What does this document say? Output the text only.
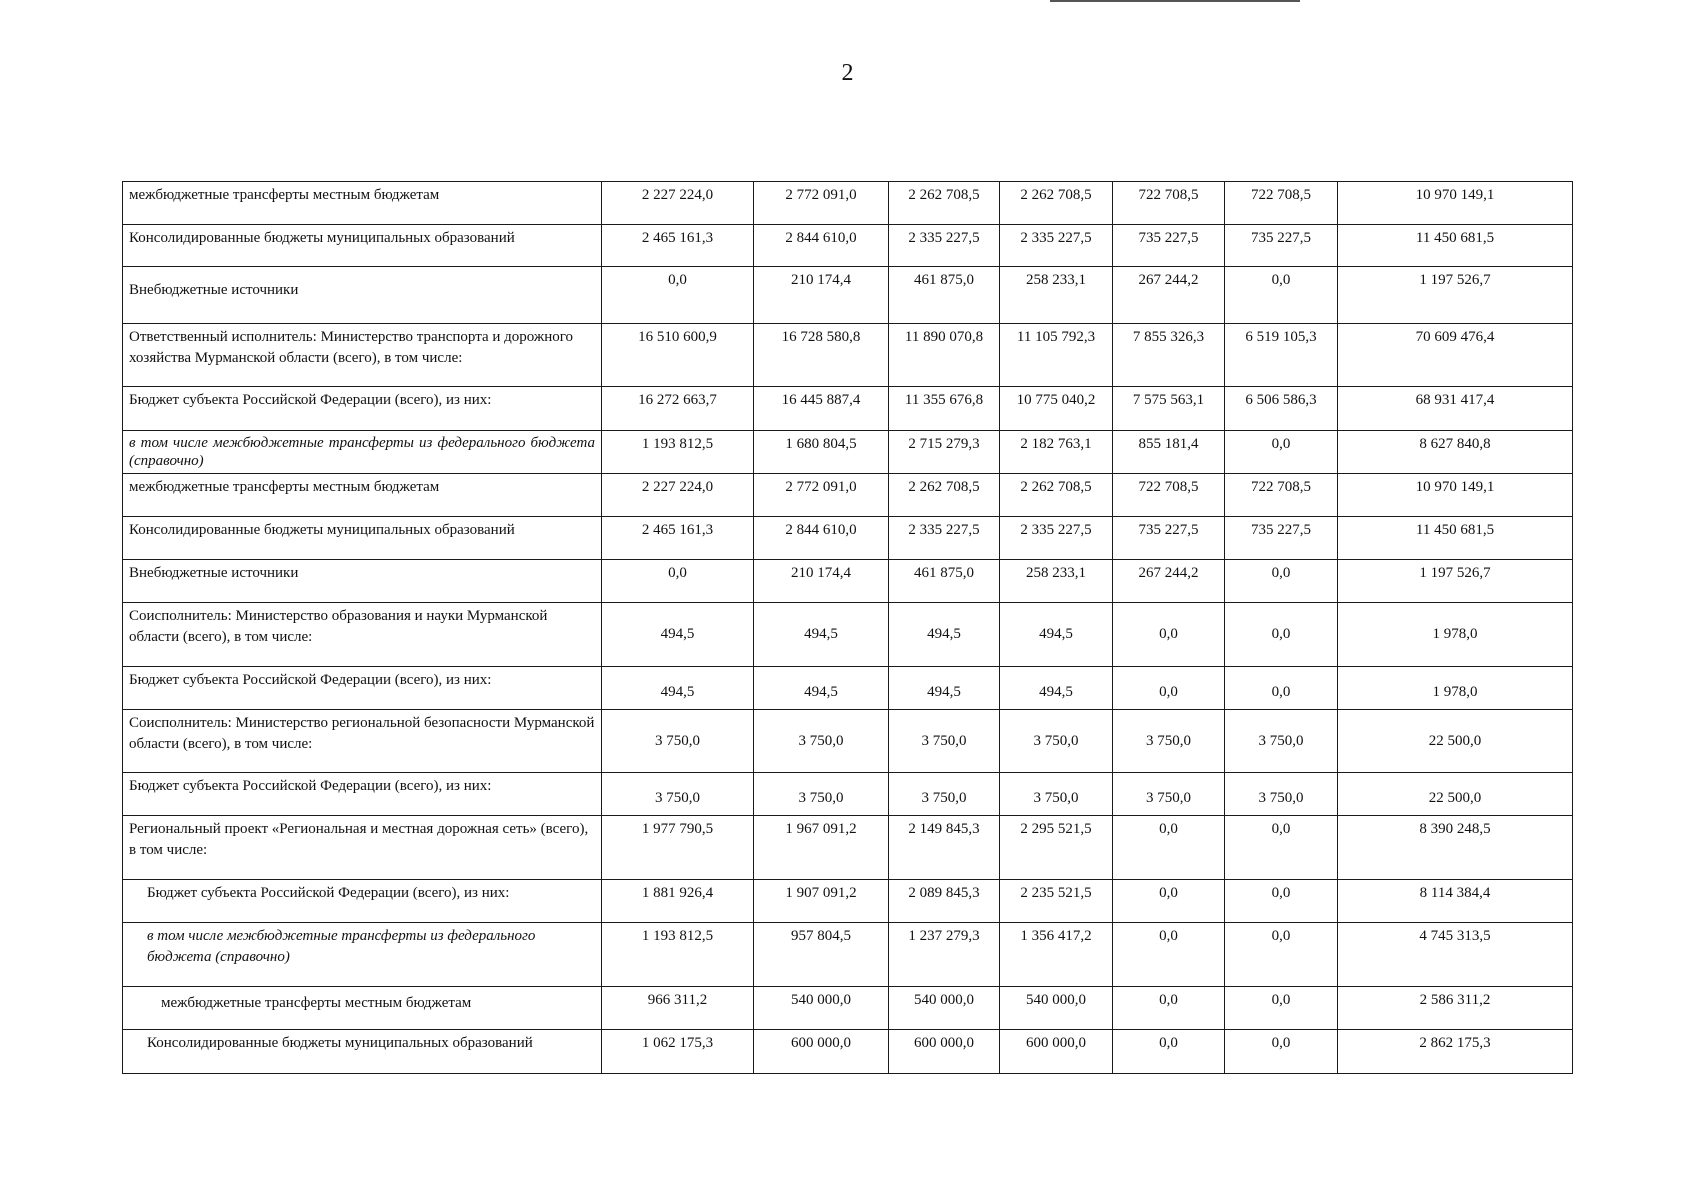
2
межбюджетные трансферты местным бюджетам	2 227 224,0	2 772 091,0	2 262 708,5	2 262 708,5	722 708,5	722 708,5	10 970 149,1
Консолидированные бюджеты муниципальных образований	2 465 161,3	2 844 610,0	2 335 227,5	2 335 227,5	735 227,5	735 227,5	11 450 681,5
Внебюджетные источники	0,0	210 174,4	461 875,0	258 233,1	267 244,2	0,0	1 197 526,7
Ответственный исполнитель: Министерство транспорта и дорожного хозяйства Мурманской области (всего), в том числе:	16 510 600,9	16 728 580,8	11 890 070,8	11 105 792,3	7 855 326,3	6 519 105,3	70 609 476,4
Бюджет субъекта Российской Федерации (всего), из них:	16 272 663,7	16 445 887,4	11 355 676,8	10 775 040,2	7 575 563,1	6 506 586,3	68 931 417,4
в том числе межбюджетные трансферты из федерального бюджета (справочно)	1 193 812,5	1 680 804,5	2 715 279,3	2 182 763,1	855 181,4	0,0	8 627 840,8
межбюджетные трансферты местным бюджетам	2 227 224,0	2 772 091,0	2 262 708,5	2 262 708,5	722 708,5	722 708,5	10 970 149,1
Консолидированные бюджеты муниципальных образований	2 465 161,3	2 844 610,0	2 335 227,5	2 335 227,5	735 227,5	735 227,5	11 450 681,5
Внебюджетные источники	0,0	210 174,4	461 875,0	258 233,1	267 244,2	0,0	1 197 526,7
Соисполнитель: Министерство образования и науки Мурманской области (всего), в том числе:	494,5	494,5	494,5	494,5	0,0	0,0	1 978,0
Бюджет субъекта Российской Федерации (всего), из них:	494,5	494,5	494,5	494,5	0,0	0,0	1 978,0
Соисполнитель: Министерство региональной безопасности Мурманской области (всего), в том числе:	3 750,0	3 750,0	3 750,0	3 750,0	3 750,0	3 750,0	22 500,0
Бюджет субъекта Российской Федерации (всего), из них:	3 750,0	3 750,0	3 750,0	3 750,0	3 750,0	3 750,0	22 500,0
Региональный проект «Региональная и местная дорожная сеть» (всего), в том числе:	1 977 790,5	1 967 091,2	2 149 845,3	2 295 521,5	0,0	0,0	8 390 248,5
Бюджет субъекта Российской Федерации (всего), из них:	1 881 926,4	1 907 091,2	2 089 845,3	2 235 521,5	0,0	0,0	8 114 384,4
в том числе межбюджетные трансферты из федерального бюджета (справочно)	1 193 812,5	957 804,5	1 237 279,3	1 356 417,2	0,0	0,0	4 745 313,5
межбюджетные трансферты местным бюджетам	966 311,2	540 000,0	540 000,0	540 000,0	0,0	0,0	2 586 311,2
Консолидированные бюджеты муниципальных образований	1 062 175,3	600 000,0	600 000,0	600 000,0	0,0	0,0	2 862 175,3
